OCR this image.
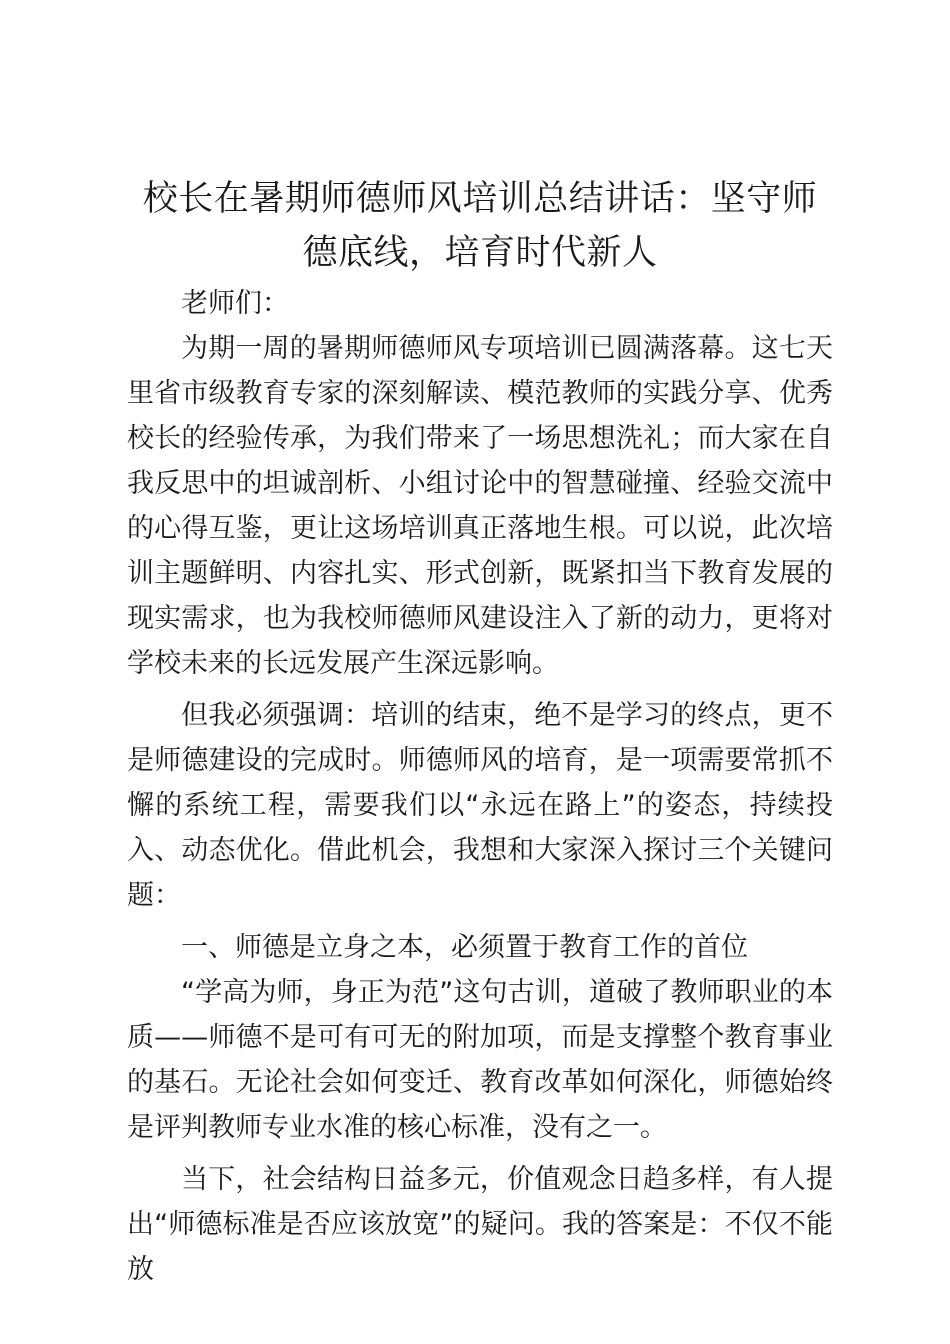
校长在暑期师德师风培训总结讲话：坚守师德底线，培育时代新人

老师们：

为期一周的暑期师德师风专项培训已圆满落幕。这七天里省市级教育专家的深刻解读、模范教师的实践分享、优秀校长的经验传承，为我们带来了一场思想洗礼；而大家在自我反思中的坦诚剖析、小组讨论中的智慧碰撞、经验交流中的心得互鉴，更让这场培训真正落地生根。可以说，此次培训主题鲜明、内容扎实、形式创新，既紧扣当下教育发展的现实需求，也为我校师德师风建设注入了新的动力，更将对学校未来的长远发展产生深远影响。

但我必须强调：培训的结束，绝不是学习的终点，更不是师德建设的完成时。师德师风的培育，是一项需要常抓不懈的系统工程，需要我们以“永远在路上”的姿态，持续投入、动态优化。借此机会，我想和大家深入探讨三个关键问题：

一、师德是立身之本，必须置于教育工作的首位

“学高为师，身正为范”这句古训，道破了教师职业的本质——师德不是可有可无的附加项，而是支撑整个教育事业的基石。无论社会如何变迁、教育改革如何深化，师德始终是评判教师专业水准的核心标准，没有之一。

当下，社会结构日益多元，价值观念日趋多样，有人提出“师德标准是否应该放宽”的疑问。我的答案是：不仅不能放
